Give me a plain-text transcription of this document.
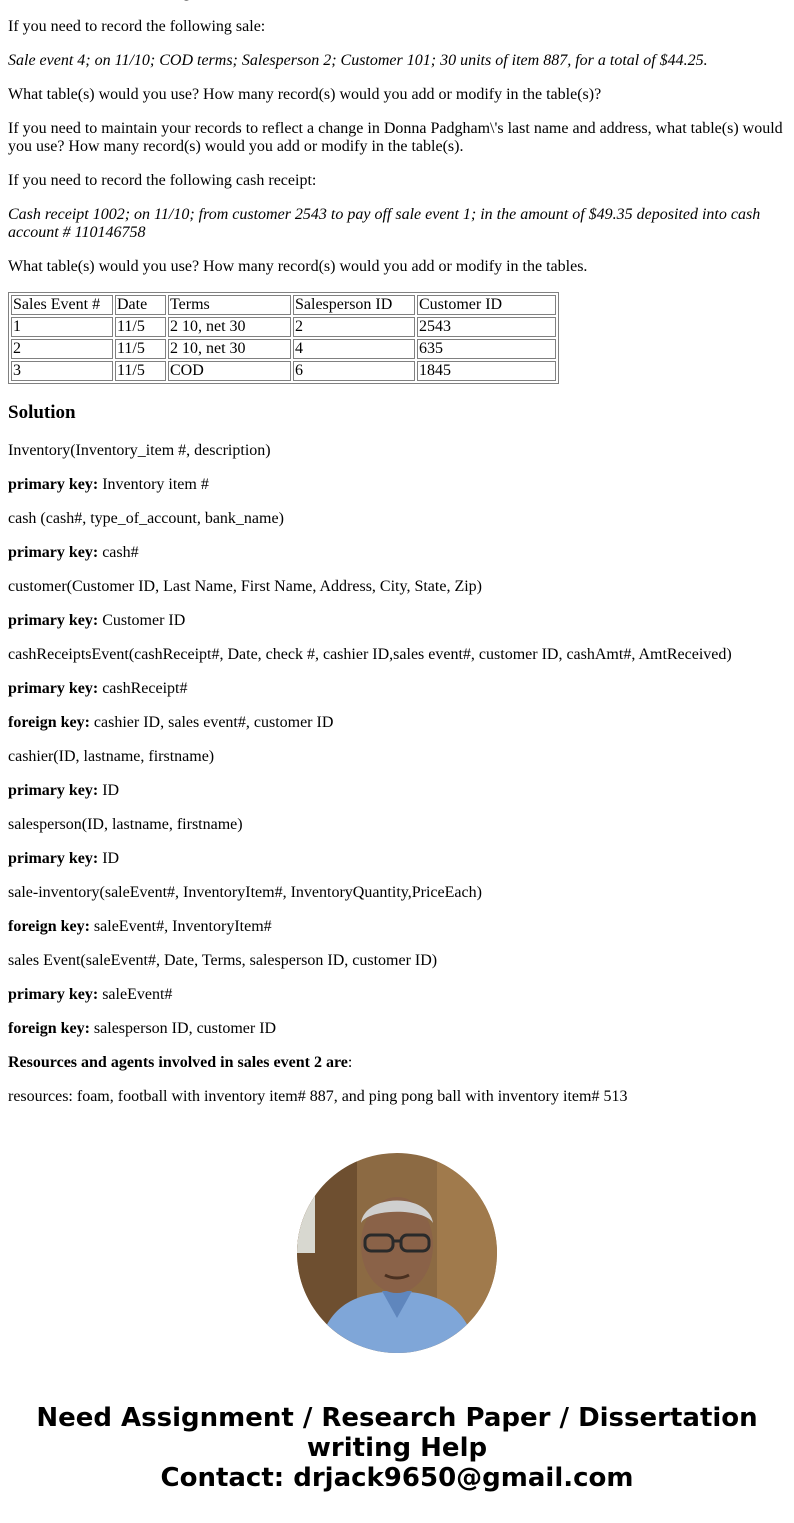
If you need to record the following sale:

Sale event 4; on 11/10; COD terms; Salesperson 2; Customer 101; 30 units of item 887, for a total of $44.25.

What table(s) would you use? How many record(s) would you add or modify in the table(s)?

If you need to maintain your records to reflect a change in Donna Padgham\'s last name and address, what table(s) would you use? How many record(s) would you add or modify in the table(s).

If you need to record the following cash receipt:

Cash receipt 1002; on 11/10; from customer 2543 to pay off sale event 1; in the amount of $49.35 deposited into cash account # 110146758

What table(s) would you use? How many record(s) would you add or modify in the tables.

Sales Event #	Date	Terms	Salesperson ID	Customer ID
1	11/5	2 10, net 30	2	2543
2	11/5	2 10, net 30	4	635
3	11/5	COD	6	1845
Solution

Inventory(Inventory_item #, description)

primary key: Inventory item #

cash (cash#, type_of_account, bank_name)

primary key: cash#

customer(Customer ID, Last Name, First Name, Address, City, State, Zip)

primary key: Customer ID

cashReceiptsEvent(cashReceipt#, Date, check #, cashier ID,sales event#, customer ID, cashAmt#, AmtReceived)

primary key: cashReceipt#

foreign key: cashier ID, sales event#, customer ID

cashier(ID, lastname, firstname)

primary key: ID

salesperson(ID, lastname, firstname)

primary key: ID

sale-inventory(saleEvent#, InventoryItem#, InventoryQuantity,PriceEach)

foreign key: saleEvent#, InventoryItem#

sales Event(saleEvent#, Date, Terms, salesperson ID, customer ID)

primary key: saleEvent#

foreign key: salesperson ID, customer ID

Resources and agents involved in sales event 2 are:

resources: foam, football with inventory item# 887, and ping pong ball with inventory item# 513

Need Assignment / Research Paper / Dissertation
writing Help
Contact: drjack9650@gmail.com
